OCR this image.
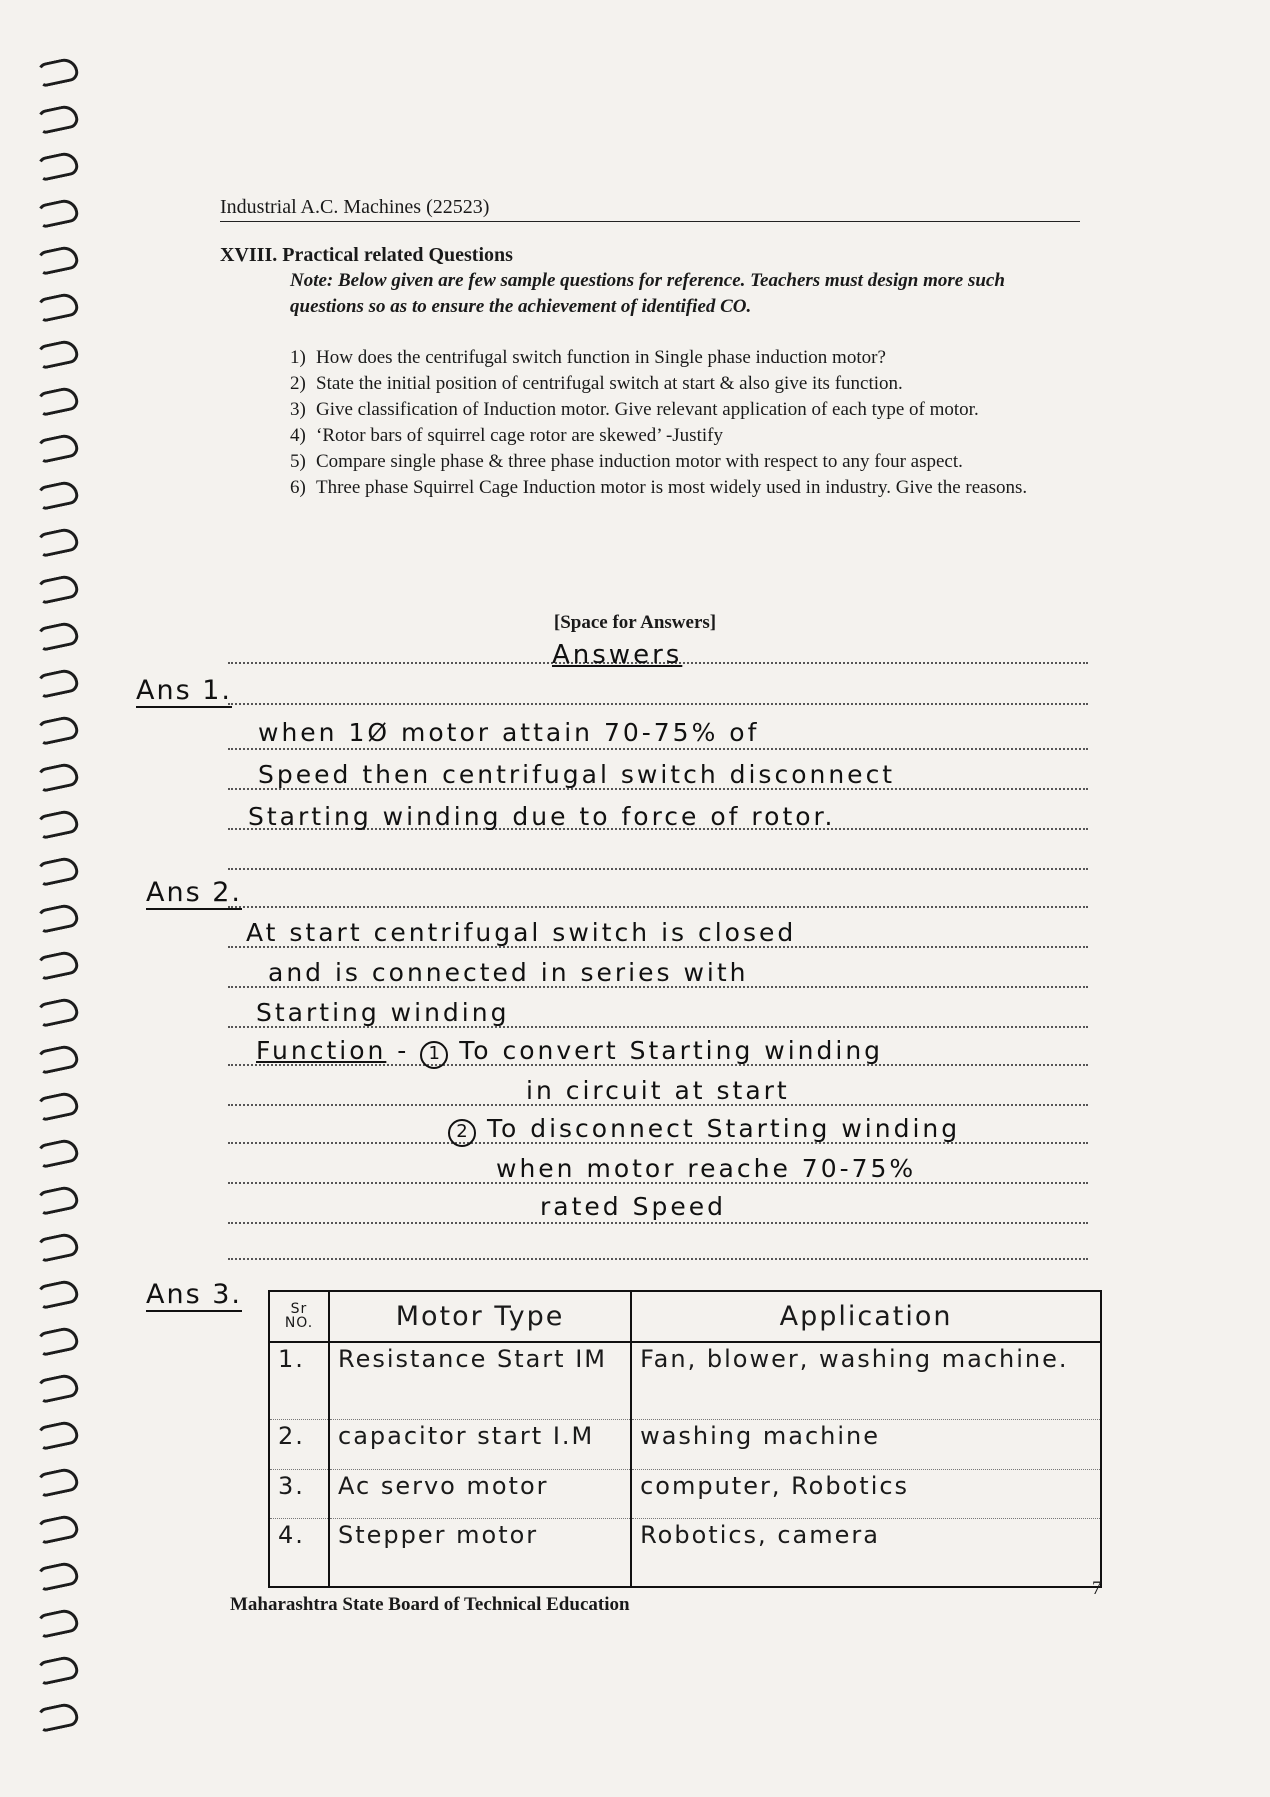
Industrial A.C. Machines (22523)
XVIII. Practical related Questions
Note: Below given are few sample questions for reference. Teachers must design more such questions so as to ensure the achievement of identified CO.
1) How does the centrifugal switch function in Single phase induction motor?
2) State the initial position of centrifugal switch at start & also give its function.
3) Give classification of Induction motor. Give relevant application of each type of motor.
4) ‘Rotor bars of squirrel cage rotor are skewed’ -Justify
5) Compare single phase & three phase induction motor with respect to any four aspect.
6) Three phase Squirrel Cage Induction motor is most widely used in industry. Give the reasons.
[Space for Answers]
Answers
Ans 1.
when 1Ø motor attain 70-75% of
Speed then centrifugal switch disconnect
Starting winding due to force of rotor.
Ans 2.
At start centrifugal switch is closed
and is connected in series with
Starting winding
Function - 1 To convert Starting winding
in circuit at start
2 To disconnect Starting winding
when motor reache 70-75%
rated Speed
Ans 3.	Sr NO.	Motor Type	Application
1.	Resistance Start IM	Fan, blower, washing machine.
2.	capacitor start I.M	washing machine
3.	Ac servo motor	computer, Robotics
4.	Stepper motor	Robotics, camera
7
Maharashtra State Board of Technical Education
